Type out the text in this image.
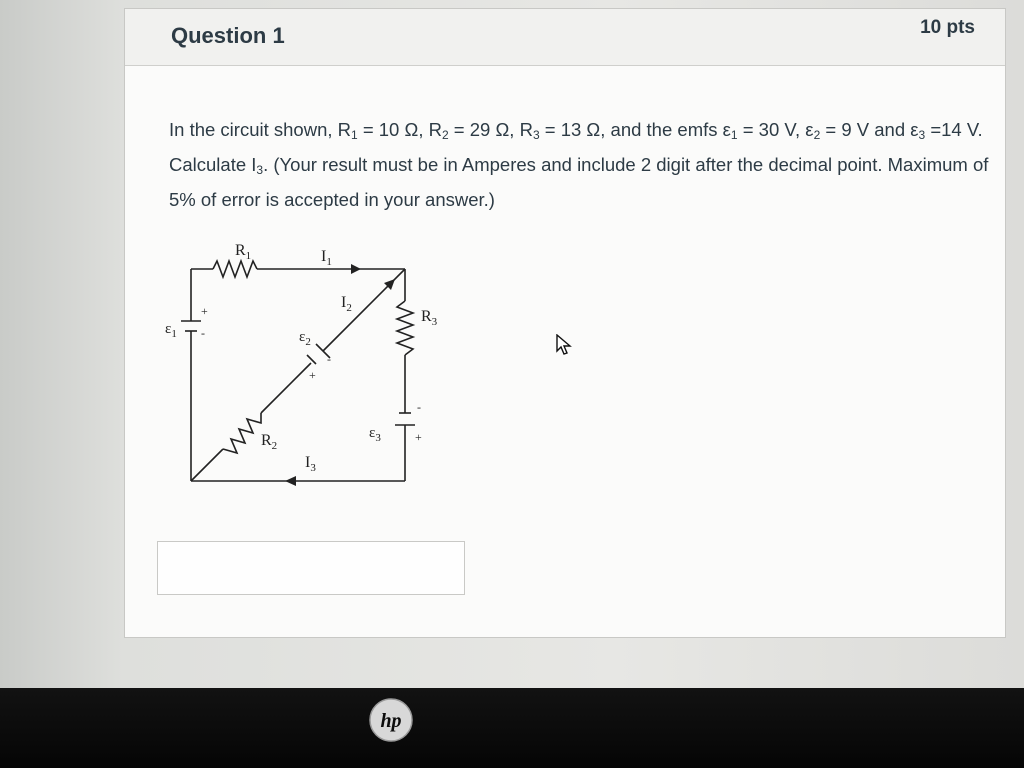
Question 1	10 pts
In the circuit shown, $R_1 = 10$ Ω, $R_2 = 29$ Ω, $R_3 = 13$ Ω, and the emfs $\varepsilon_1 = 30$ V, $\varepsilon_2 = 9$ V and $\varepsilon_3 =14$ V. Calculate $I_3$. (Your result must be in Amperes and include 2 digit after the decimal point. Maximum of 5% of error is accepted in your answer.)
$R_1$	$I_1$
$I_2$	$R_3$
$\varepsilon_1$
+
-	$\varepsilon_2$
+
-
$\varepsilon_3$
-
+
$R_2$
$I_3$
hp
